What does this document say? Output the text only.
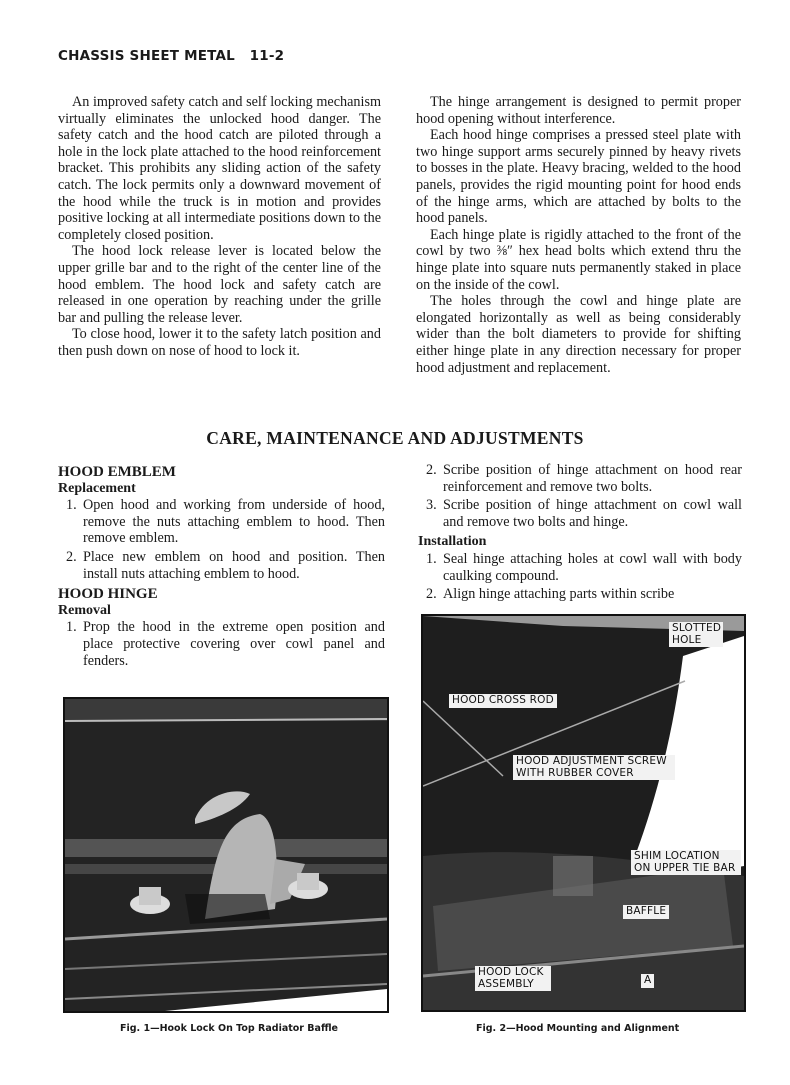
CHASSIS SHEET METAL   11-2

An improved safety catch and self locking mechanism virtually eliminates the unlocked hood danger. The safety catch and the hood catch are piloted through a hole in the lock plate attached to the hood reinforcement bracket. This prohibits any sliding action of the safety catch. The lock permits only a downward movement of the hood while the truck is in motion and provides positive locking at all intermediate positions down to the completely closed position.

The hood lock release lever is located below the upper grille bar and to the right of the center line of the hood emblem. The hood lock and safety catch are released in one operation by reaching under the grille bar and pulling the release lever.

To close hood, lower it to the safety latch position and then push down on nose of hood to lock it.

The hinge arrangement is designed to permit proper hood opening without interference.

Each hood hinge comprises a pressed steel plate with two hinge support arms securely pinned by heavy rivets to bosses in the plate. Heavy bracing, welded to the hood panels, provides the rigid mounting point for hood ends of the hinge arms, which are attached by bolts to the hood panels.

Each hinge plate is rigidly attached to the front of the cowl by two ⅜″ hex head bolts which extend thru the hinge plate into square nuts permanently staked in place on the inside of the cowl.

The holes through the cowl and hinge plate are elongated horizontally as well as being considerably wider than the bolt diameters to provide for shifting either hinge plate in any direction necessary for proper hood adjustment and replacement.

CARE, MAINTENANCE AND ADJUSTMENTS

HOOD EMBLEM

Replacement

1. Open hood and working from underside of hood, remove the nuts attaching emblem to hood. Then remove emblem.
2. Place new emblem on hood and position. Then install nuts attaching emblem to hood.

HOOD HINGE

Removal

1. Prop the hood in the extreme open position and place protective covering over cowl panel and fenders.
2. Scribe position of hinge attachment on hood rear reinforcement and remove two bolts.
3. Scribe position of hinge attachment on cowl wall and remove two bolts and hinge.

Installation

1. Seal hinge attaching holes at cowl wall with body caulking compound.
2. Align hinge attaching parts within scribe
Fig. 1—Hook Lock On Top Radiator Baffle
SLOTTED HOLE
HOOD CROSS ROD
HOOD ADJUSTMENT SCREW WITH RUBBER COVER
SHIM LOCATION ON UPPER TIE BAR
BAFFLE
HOOD LOCK ASSEMBLY	A
Fig. 2—Hood Mounting and Alignment
